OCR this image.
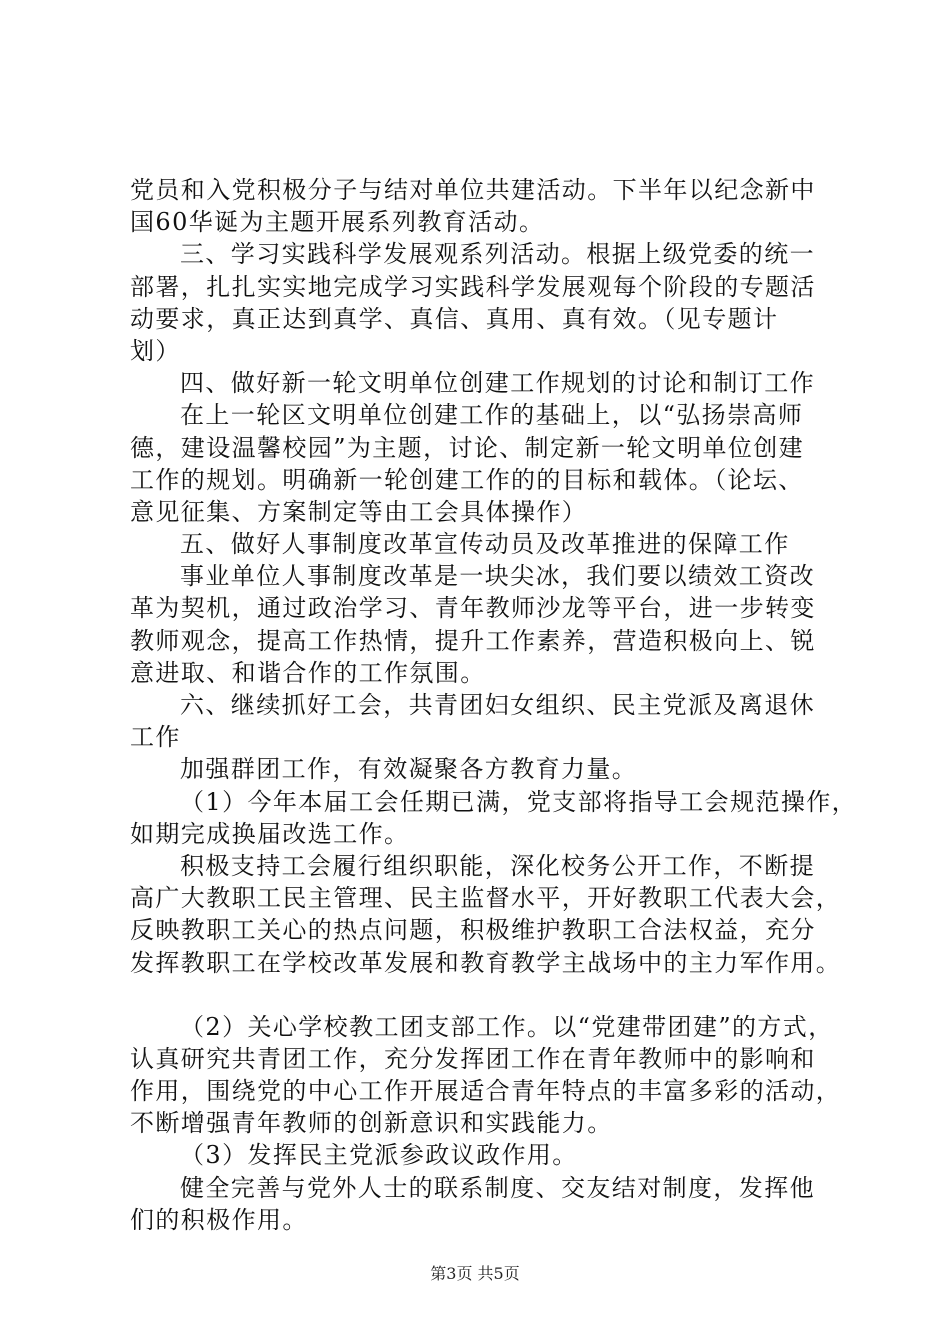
党员和入党积极分子与结对单位共建活动。下半年以纪念新中
国60华诞为主题开展系列教育活动。
三、学习实践科学发展观系列活动。根据上级党委的统一
部署，扎扎实实地完成学习实践科学发展观每个阶段的专题活
动要求，真正达到真学、真信、真用、真有效。（见专题计
划）
四、做好新一轮文明单位创建工作规划的讨论和制订工作
在上一轮区文明单位创建工作的基础上，以“弘扬崇高师
德，建设温馨校园”为主题，讨论、制定新一轮文明单位创建
工作的规划。明确新一轮创建工作的的目标和载体。（论坛、
意见征集、方案制定等由工会具体操作）
五、做好人事制度改革宣传动员及改革推进的保障工作
事业单位人事制度改革是一块尖冰，我们要以绩效工资改
革为契机，通过政治学习、青年教师沙龙等平台，进一步转变
教师观念，提高工作热情，提升工作素养，营造积极向上、锐
意进取、和谐合作的工作氛围。
六、继续抓好工会，共青团妇女组织、民主党派及离退休
工作
加强群团工作，有效凝聚各方教育力量。
（1）今年本届工会任期已满，党支部将指导工会规范操作，
如期完成换届改选工作。
积极支持工会履行组织职能，深化校务公开工作，不断提
高广大教职工民主管理、民主监督水平，开好教职工代表大会，
反映教职工关心的热点问题，积极维护教职工合法权益，充分
发挥教职工在学校改革发展和教育教学主战场中的主力军作用。
（2）关心学校教工团支部工作。以“党建带团建”的方式，
认真研究共青团工作，充分发挥团工作在青年教师中的影响和
作用，围绕党的中心工作开展适合青年特点的丰富多彩的活动，
不断增强青年教师的创新意识和实践能力。
（3）发挥民主党派参政议政作用。
健全完善与党外人士的联系制度、交友结对制度，发挥他
们的积极作用。
第3页 共5页
